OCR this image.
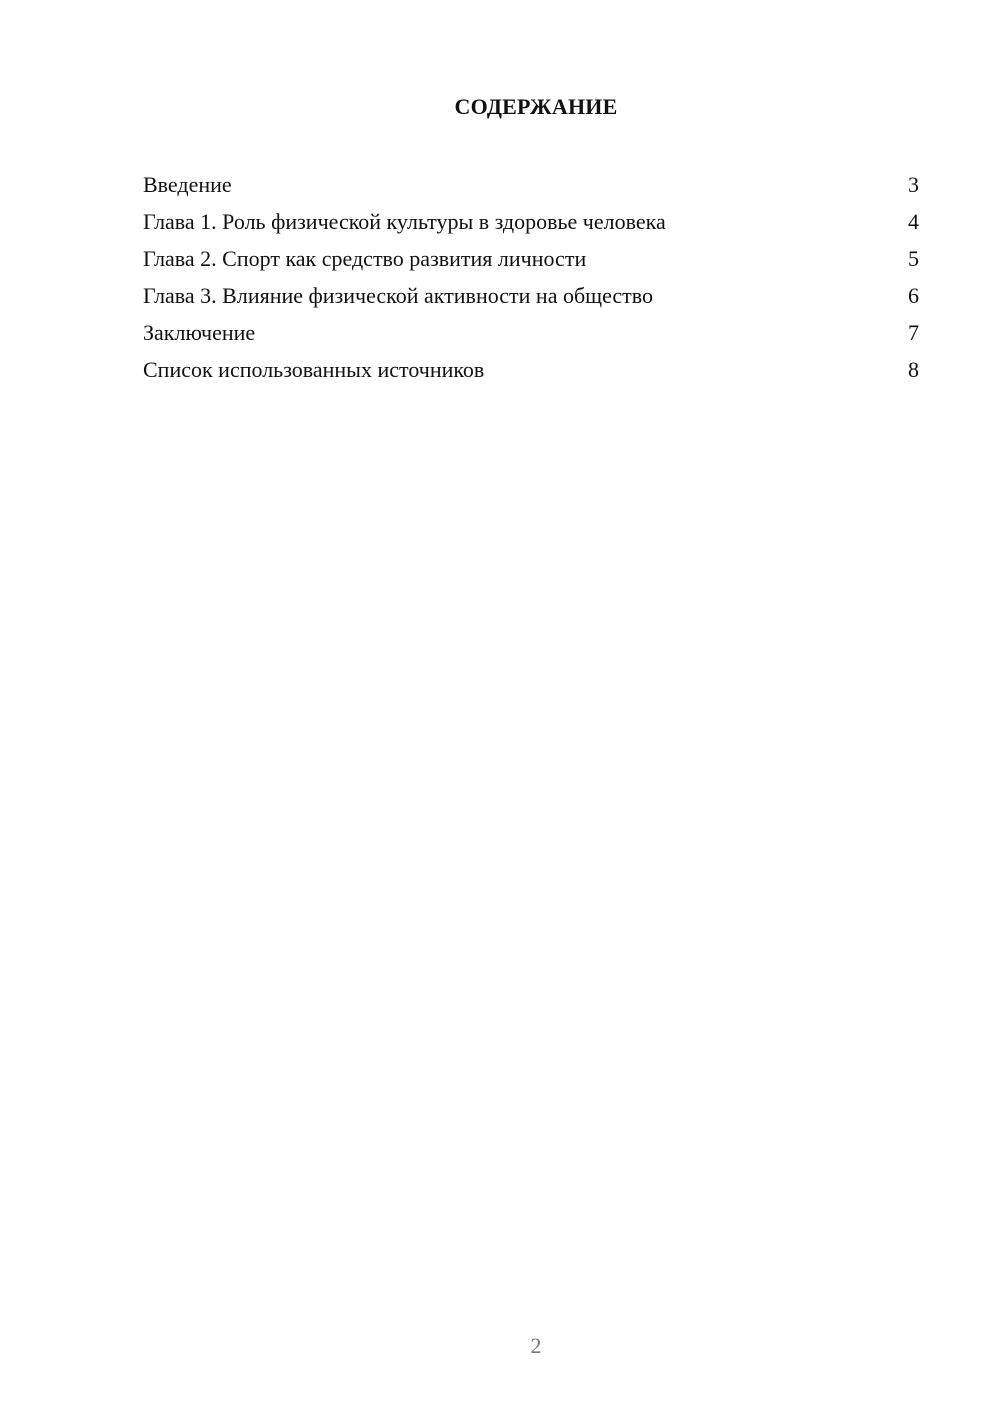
СОДЕРЖАНИЕ
Введение	3
Глава 1. Роль физической культуры в здоровье человека	4
Глава 2. Спорт как средство развития личности	5
Глава 3. Влияние физической активности на общество	6
Заключение	7
Список использованных источников	8
2
